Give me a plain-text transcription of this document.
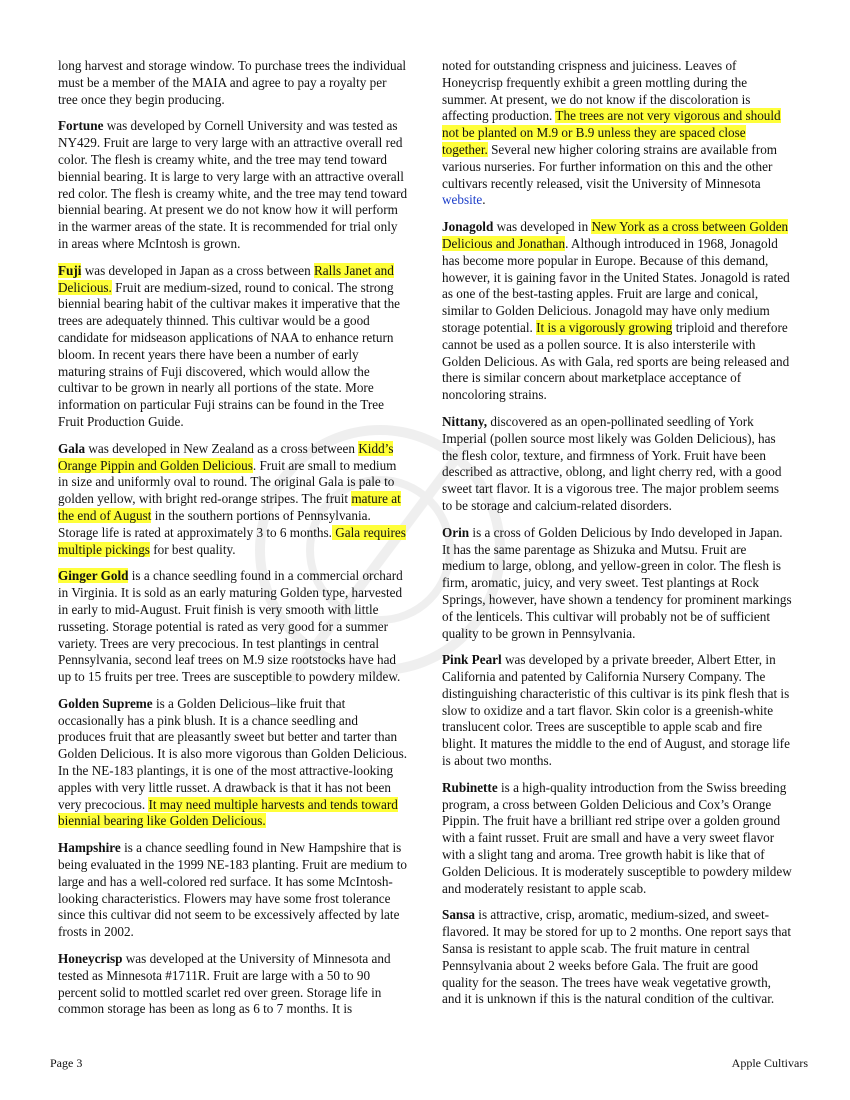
long harvest and storage window. To purchase trees the individual must be a member of the MAIA and agree to pay a royalty per tree once they begin producing.

Fortune was developed by Cornell University and was tested as NY429. Fruit are large to very large with an attractive overall red color. The flesh is creamy white, and the tree may tend toward biennial bearing. It is large to very large with an attractive overall red color. The flesh is creamy white, and the tree may tend toward biennial bearing. At present we do not know how it will perform in the warmer areas of the state. It is recommended for trial only in areas where McIntosh is grown.

Fuji was developed in Japan as a cross between Ralls Janet and Delicious. Fruit are medium-sized, round to conical. The strong biennial bearing habit of the cultivar makes it imperative that the trees are adequately thinned. This cultivar would be a good candidate for midseason applications of NAA to enhance return bloom. In recent years there have been a number of early maturing strains of Fuji discovered, which would allow the cultivar to be grown in nearly all portions of the state. More information on particular Fuji strains can be found in the Tree Fruit Production Guide.

Gala was developed in New Zealand as a cross between Kidd’s Orange Pippin and Golden Delicious. Fruit are small to medium in size and uniformly oval to round. The original Gala is pale to golden yellow, with bright red-orange stripes. The fruit mature at the end of August in the southern portions of Pennsylvania. Storage life is rated at approximately 3 to 6 months. Gala requires multiple pickings for best quality.

Ginger Gold is a chance seedling found in a commercial orchard in Virginia. It is sold as an early maturing Golden type, harvested in early to mid-August. Fruit finish is very smooth with little russeting. Storage potential is rated as very good for a summer variety. Trees are very precocious. In test plantings in central Pennsylvania, second leaf trees on M.9 size rootstocks have had up to 15 fruits per tree. Trees are susceptible to powdery mildew.

Golden Supreme is a Golden Delicious–like fruit that occasionally has a pink blush. It is a chance seedling and produces fruit that are pleasantly sweet but better and tarter than Golden Delicious. It is also more vigorous than Golden Delicious. In the NE-183 plantings, it is one of the most attractive-looking apples with very little russet. A drawback is that it has not been very precocious. It may need multiple harvests and tends toward biennial bearing like Golden Delicious.

Hampshire is a chance seedling found in New Hampshire that is being evaluated in the 1999 NE-183 planting. Fruit are medium to large and has a well-colored red surface. It has some McIntosh-looking characteristics. Flowers may have some frost tolerance since this cultivar did not seem to be excessively affected by late frosts in 2002.

Honeycrisp was developed at the University of Minnesota and tested as Minnesota #1711R. Fruit are large with a 50 to 90 percent solid to mottled scarlet red over green. Storage life in common storage has been as long as 6 to 7 months. It is

noted for outstanding crispness and juiciness. Leaves of Honeycrisp frequently exhibit a green mottling during the summer. At present, we do not know if the discoloration is affecting production. The trees are not very vigorous and should not be planted on M.9 or B.9 unless they are spaced close together. Several new higher coloring strains are available from various nurseries. For further information on this and the other cultivars recently released, visit the University of Minnesota website.

Jonagold was developed in New York as a cross between Golden Delicious and Jonathan. Although introduced in 1968, Jonagold has become more popular in Europe. Because of this demand, however, it is gaining favor in the United States. Jonagold is rated as one of the best-tasting apples. Fruit are large and conical, similar to Golden Delicious. Jonagold may have only medium storage potential. It is a vigorously growing triploid and therefore cannot be used as a pollen source. It is also intersterile with Golden Delicious. As with Gala, red sports are being released and there is similar concern about marketplace acceptance of noncoloring strains.

Nittany, discovered as an open-pollinated seedling of York Imperial (pollen source most likely was Golden Delicious), has the flesh color, texture, and firmness of York. Fruit have been described as attractive, oblong, and light cherry red, with a good sweet tart flavor. It is a vigorous tree. The major problem seems to be storage and calcium-related disorders.

Orin is a cross of Golden Delicious by Indo developed in Japan. It has the same parentage as Shizuka and Mutsu. Fruit are medium to large, oblong, and yellow-green in color. The flesh is firm, aromatic, juicy, and very sweet. Test plantings at Rock Springs, however, have shown a tendency for prominent markings of the lenticels. This cultivar will probably not be of sufficient quality to be grown in Pennsylvania.

Pink Pearl was developed by a private breeder, Albert Etter, in California and patented by California Nursery Company. The distinguishing characteristic of this cultivar is its pink flesh that is slow to oxidize and a tart flavor. Skin color is a greenish-white translucent color. Trees are susceptible to apple scab and fire blight. It matures the middle to the end of August, and storage life is about two months.

Rubinette is a high-quality introduction from the Swiss breeding program, a cross between Golden Delicious and Cox’s Orange Pippin. The fruit have a brilliant red stripe over a golden ground with a faint russet. Fruit are small and have a very sweet flavor with a slight tang and aroma. Tree growth habit is like that of Golden Delicious. It is moderately susceptible to powdery mildew and moderately resistant to apple scab.

Sansa is attractive, crisp, aromatic, medium-sized, and sweet-flavored. It may be stored for up to 2 months. One report says that Sansa is resistant to apple scab. The fruit mature in central Pennsylvania about 2 weeks before Gala. The fruit are good quality for the season. The trees have weak vegetative growth, and it is unknown if this is the natural condition of the cultivar.

Page 3	Apple Cultivars
